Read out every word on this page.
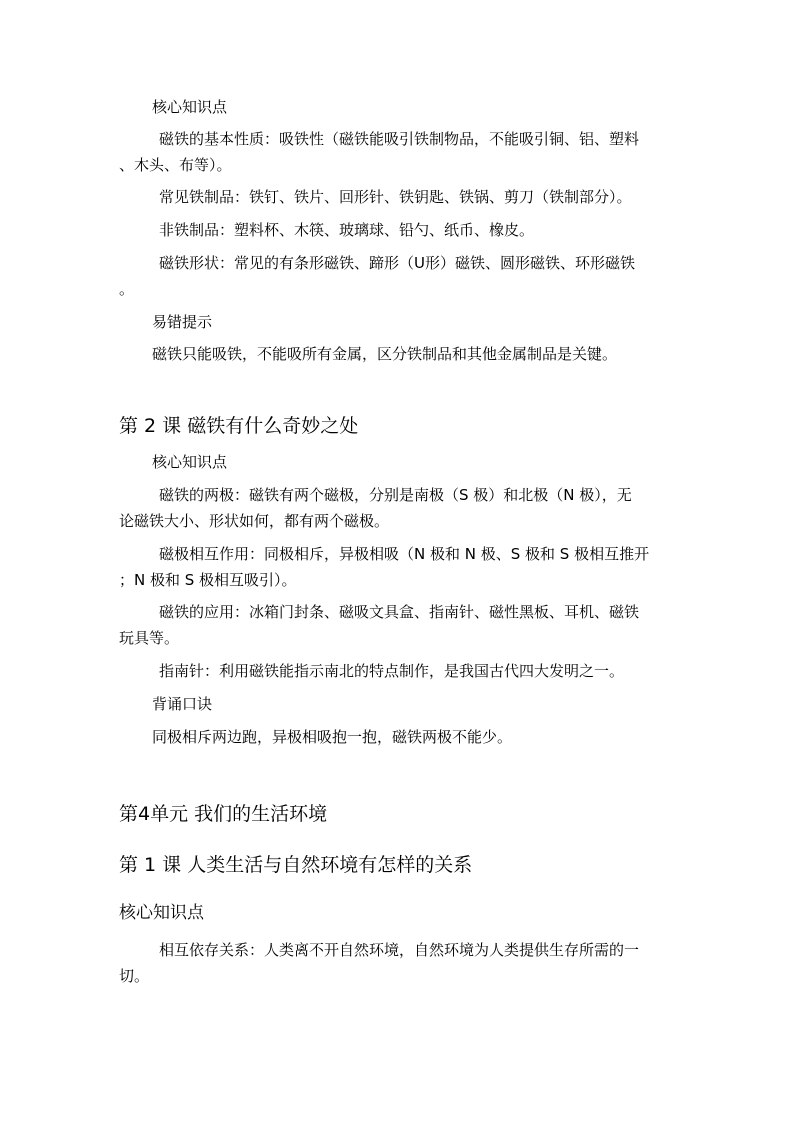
核心知识点
磁铁的基本性质：吸铁性（磁铁能吸引铁制物品，不能吸引铜、铝、塑料
、木头、布等）。
常见铁制品：铁钉、铁片、回形针、铁钥匙、铁锅、剪刀（铁制部分）。
非铁制品：塑料杯、木筷、玻璃球、铅勺、纸币、橡皮。
磁铁形状：常见的有条形磁铁、蹄形（U形）磁铁、圆形磁铁、环形磁铁
。
易错提示
磁铁只能吸铁，不能吸所有金属，区分铁制品和其他金属制品是关键。
第 2 课 磁铁有什么奇妙之处
核心知识点
磁铁的两极：磁铁有两个磁极，分别是南极（S 极）和北极（N 极），无
论磁铁大小、形状如何，都有两个磁极。
磁极相互作用：同极相斥，异极相吸（N 极和 N 极、S 极和 S 极相互推开
；N 极和 S 极相互吸引）。
磁铁的应用：冰箱门封条、磁吸文具盒、指南针、磁性黑板、耳机、磁铁
玩具等。
指南针：利用磁铁能指示南北的特点制作，是我国古代四大发明之一。
背诵口诀
同极相斥两边跑，异极相吸抱一抱，磁铁两极不能少。
第4单元 我们的生活环境
第 1 课 人类生活与自然环境有怎样的关系
核心知识点
相互依存关系：人类离不开自然环境，自然环境为人类提供生存所需的一
切。
